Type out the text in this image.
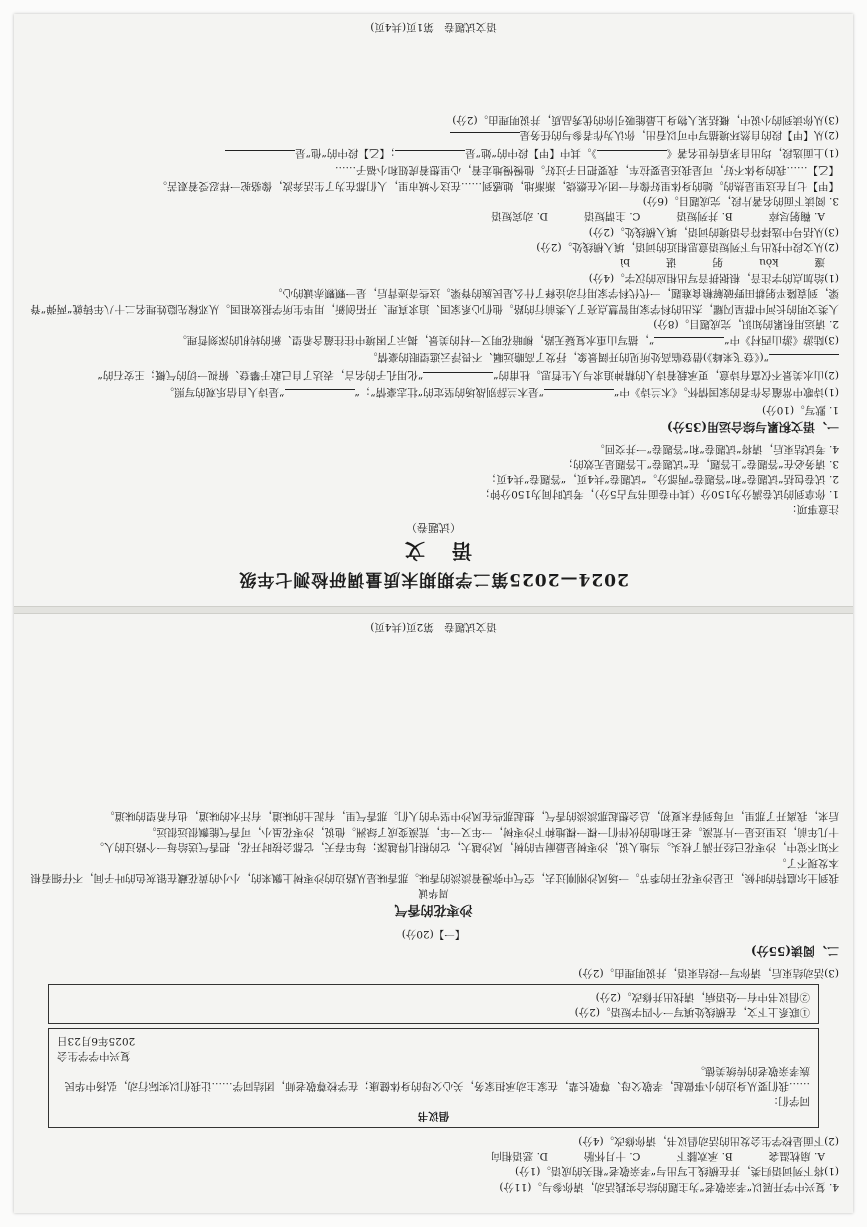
2024—2025第二学期期末质量调研检测七年级
语 文
（试题卷）

注意事项：

1. 你拿到的试卷满分为150分（其中卷面书写占5分），考试时间为150分钟；

2. 试卷包括“试题卷”和“答题卷”两部分。“试题卷”共4页，“答题卷”共4页；

3. 请务必在“答题卷”上答题，在“试题卷”上答题是无效的；

4. 考试结束后，请将“试题卷”和“答题卷”一并交回。

一、语文积累与综合运用(35分)

1. 默写。(10分)

(1)诗歌中常蕴含作者的家国情怀。《木兰诗》中“”是木兰辞别战场的坚定的“壮志豪情”；“”是诗人自信乐观的写照。

(2)山水美景不仅富有诗意，更承载着诗人的精神追求与人生哲思。杜甫的“”化用孔子的名言，表达了自己敢于攀登、俯视一切的气概；王安石的“”(《登飞来峰》)借登临高处所见的开阔景象，抒发了高瞻远瞩、不畏浮云遮望眼的豪情。

(3)陆游《游山西村》中“”，描写山重水复疑无路，柳暗花明又一村的美景，揭示了困境中往往蕴含希望、新的转机的深刻哲理。

2. 请运用积累的知识，完成题目。(8分)

人类文明的长河中群星闪耀，杰出的科学家用智慧点亮了人类前行的路。他们心系家国、追求真理、开拓创新，用毕生所学报效祖国。从邓稼先隐姓埋名二十八年铸就“两弹”脊梁，到袁隆平躬耕田野破解粮食难题，一代代科学家用行动诠释了什么是民族的脊梁。这些奇迹背后，是一颗颗赤诚的心。

(1)给加点的字注音，根据拼音写出相应的汉字。(4分)

邃
kòu
躬
谌
bì

(2)从文段中找出与下列短语意思相近的词语，填入横线处。(2分)

(3)从括号中选择符合语境的词语，填入横线处。(2分)

A. 鞠躬尽瘁
B. 并列短语
C. 主谓短语
D. 动宾短语

3. 阅读下面的名著片段，完成题目。(6分)

【甲】七月在这里是热的。她的身体里好像有一团火在燃烧，渐渐地，她感到……在这个城市里，人们都在为了生活奔波，像骆驼一样忍受着艰苦。

【乙】……我的身体不好，可是我还是要拉车，我要把日子过好。他慢慢地走着，心里想着虎妞和小福子……

(1)上面选段，均出自茅盾传世名著《》。其中【甲】段中的“她”是；【乙】段中的“他”是

(2)从【甲】段的自然环境描写中可以看出，你认为作者参与的任务是

(3)从你读到的小说中，概括某人物身上最能吸引你的优秀品质，并说明理由。(2分)

语文试题卷　第1页(共4页)

4. 复兴中学开展以“孝亲敬老”为主题的综合实践活动，请你参与。(11分)

(1)将下列词语归类，并在横线上写出与“孝亲敬老”相关的成语。(1分)

A. 扇枕温衾
B. 承欢膝下
C. 十月怀胎
D. 恶语相向

(2)下面是校学生会发出的活动倡议书，请你修改。(4分)

倡议书

同学们：

……我们要从身边的小事做起，孝敬父母、尊敬长辈，在家主动承担家务，关心父母的身体健康；在学校尊敬老师，团结同学……让我们以实际行动，弘扬中华民族孝亲敬老的传统美德。

复兴中学学生会

2025年6月23日

①联系上下文，在横线处填写一个四字短语。(2分)

②倡议书中有一处语病，请找出并修改。(2分)

(3)活动结束后，请你写一段结束语，并说明理由。(2分)

二、阅读(55分)

【一】(20分)

沙枣花的香气
周华诚

我到土尔扈特的时候，正是沙枣花开的季节。一场风沙刚刚过去，空气中弥漫着淡淡的香味。那香味是从路边的沙枣树上飘来的，小小的黄花藏在银灰色的叶子间，不仔细看根本发现不了。

不知不觉中，沙枣花已经开满了枝头。当地人说，沙枣树是最耐旱的树，风沙越大，它的根扎得越深；每年春天，它都会按时开花，把香气送给每一个路过的人。

十几年前，这里还是一片荒漠。老王和他的伙伴们一棵一棵地种下沙枣树，一年又一年，荒漠变成了绿洲。他说，沙枣花虽小，可香气能飘很远很远。

后来，我离开了那里，可每到春末夏初，总会想起那淡淡的香气，想起那些在风沙中坚守的人们。那香气里，有泥土的味道，有汗水的味道，也有希望的味道。

语文试题卷　第2页(共4页)
